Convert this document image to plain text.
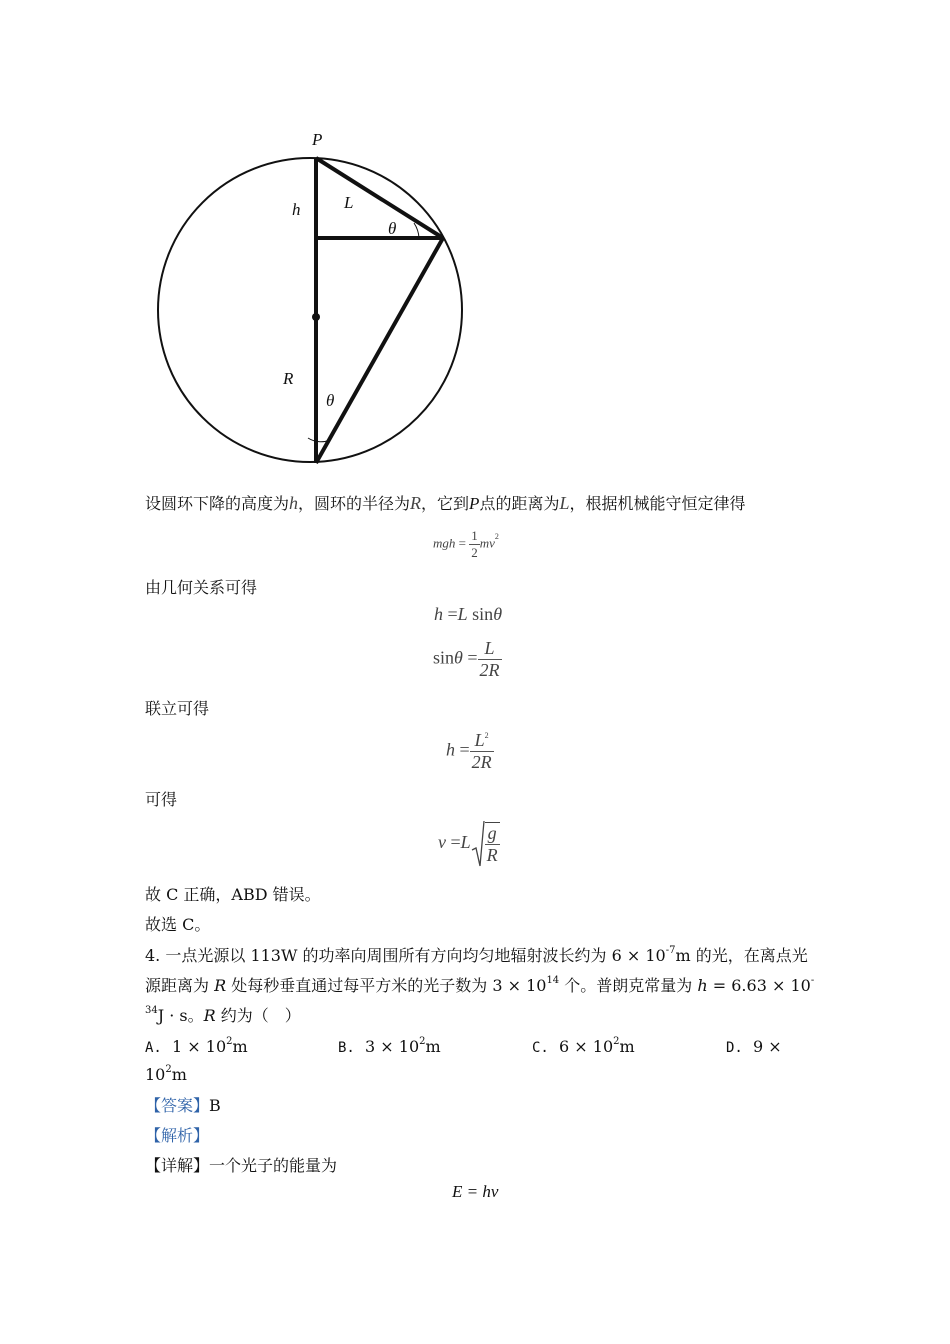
P
h	L
θ
R
θ
设圆环下降的高度为h，圆环的半径为R，它到P点的距离为L，根据机械能守恒定律得
mgh = $\frac{1}{2} mv^2$
由几何关系可得
h =L sinθ
$\sin\theta = \frac{L}{2R}$
联立可得
$h = \frac{L^2}{2R}$
可得
$v =L \frac{g}{R}$
故 C 正确，ABD 错误。
故选 C。
4. 一点光源以 113W 的功率向周围所有方向均匀地辐射波长约为 $6 \times 10^{-7}m$ 的光，在离点光
源距离为 R 处每秒垂直通过每平方米的光子数为 $3 \times 10^{14}$ 个。普朗克常量为 h = 6.63 × 10-
$^{34}$J · s。R 约为（　）
A. $1 \times 10^2m$	B. $3 \times 10^2m$	C. $6 \times 10^2m$	D. 9 ×
$10^2m$
【答案】B
【解析】
【详解】一个光子的能量为
E = hν
